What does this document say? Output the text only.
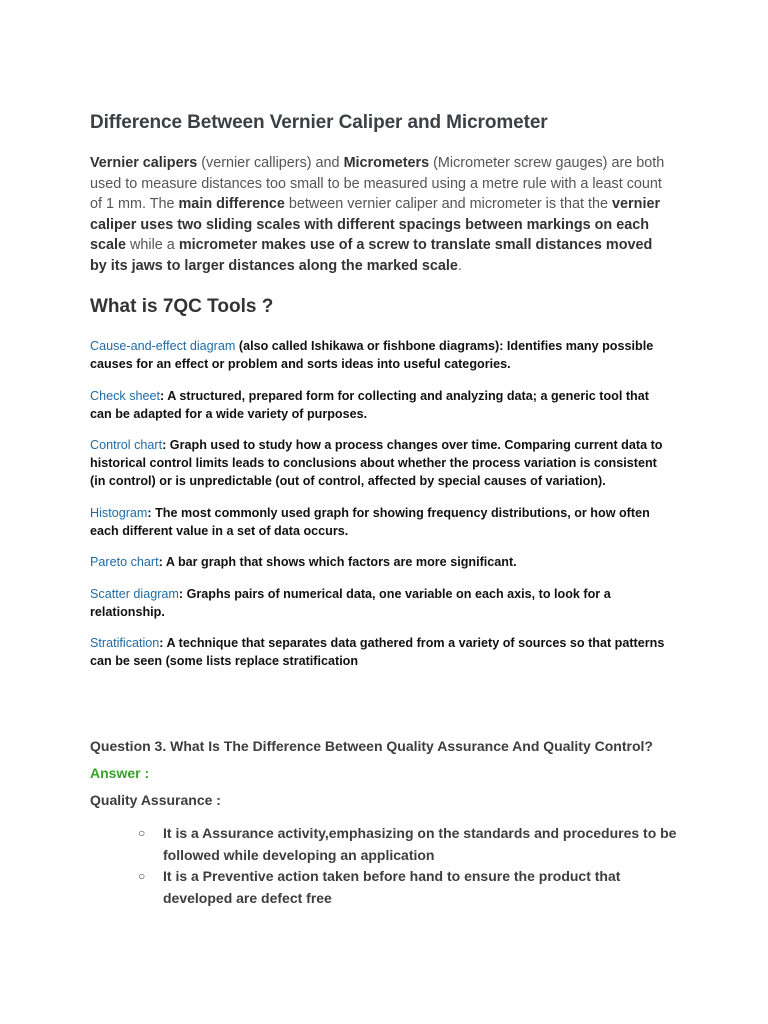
Difference Between Vernier Caliper and Micrometer

Vernier calipers (vernier callipers) and Micrometers (Micrometer screw gauges) are both used to measure distances too small to be measured using a metre rule with a least count of 1 mm. The main difference between vernier caliper and micrometer is that the vernier caliper uses two sliding scales with different spacings between markings on each scale while a micrometer makes use of a screw to translate small distances moved by its jaws to larger distances along the marked scale.

What is 7QC Tools ?

Cause-and-effect diagram (also called Ishikawa or fishbone diagrams): Identifies many possible causes for an effect or problem and sorts ideas into useful categories.

Check sheet: A structured, prepared form for collecting and analyzing data; a generic tool that can be adapted for a wide variety of purposes.

Control chart: Graph used to study how a process changes over time. Comparing current data to historical control limits leads to conclusions about whether the process variation is consistent (in control) or is unpredictable (out of control, affected by special causes of variation).

Histogram: The most commonly used graph for showing frequency distributions, or how often each different value in a set of data occurs.

Pareto chart: A bar graph that shows which factors are more significant.

Scatter diagram: Graphs pairs of numerical data, one variable on each axis, to look for a relationship.

Stratification: A technique that separates data gathered from a variety of sources so that patterns can be seen (some lists replace stratification

Question 3. What Is The Difference Between Quality Assurance And Quality Control?

Answer :

Quality Assurance :

○ It is a Assurance activity,emphasizing on the standards and procedures to be followed while developing an application
○ It is a Preventive action taken before hand to ensure the product that developed are defect free
